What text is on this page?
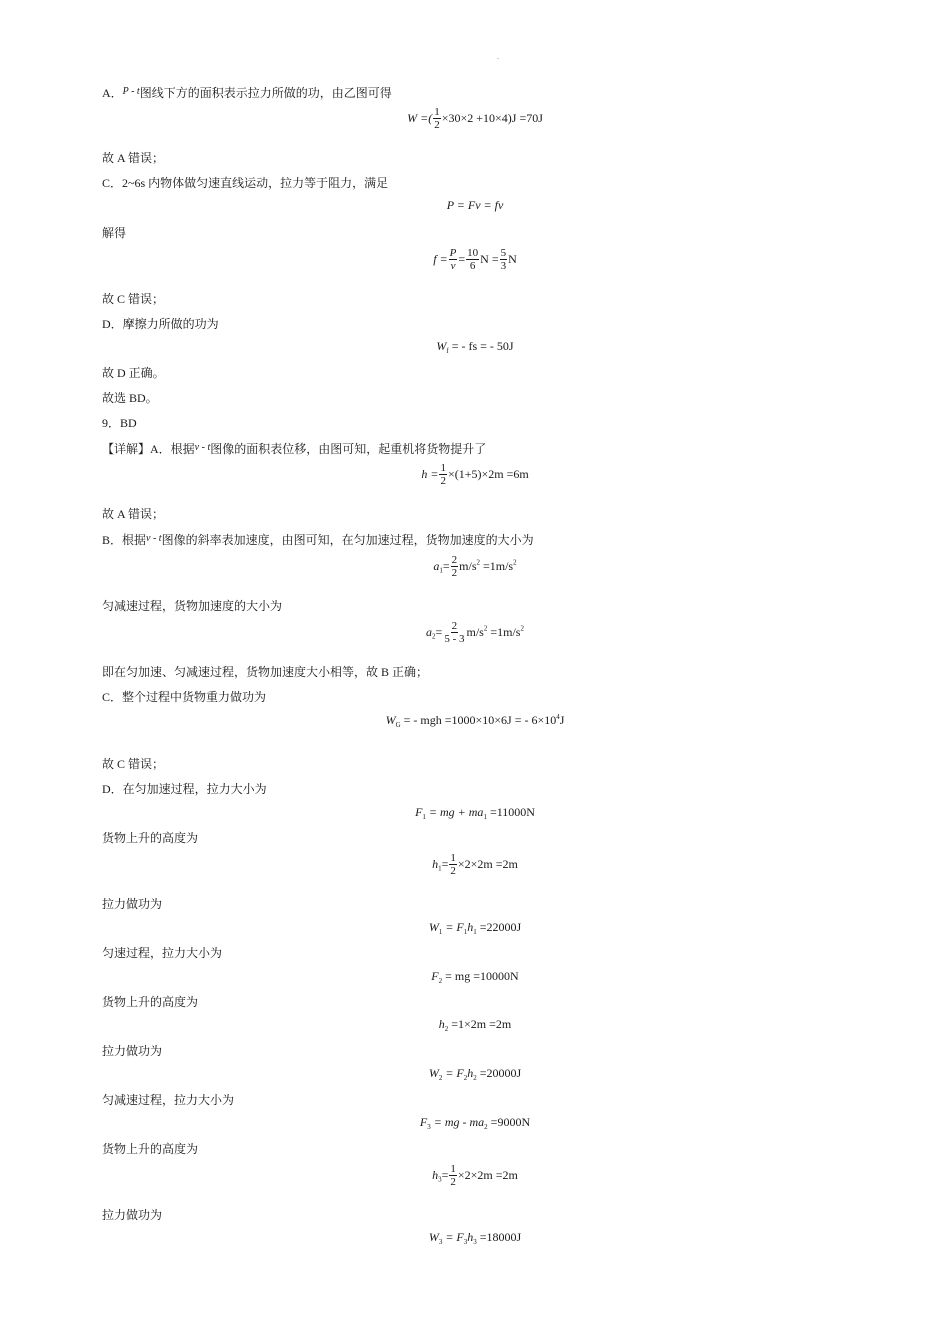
.
A．$^{P - t}$图线下方的面积表示拉力所做的功，由乙图可得
W =( $\frac{1}{2} \times 30\times 2 +10\times 4)J =70J$
故 A 错误；
C．2~6s 内物体做匀速直线运动，拉力等于阻力，满足
P = Fv = fv
解得
$f = \frac{P}{v} = \frac{10}{6}$ $N = \frac{5}{3}$ N
故 C 错误；
D．摩擦力所做的功为
$W_f$ = - fs = - 50J
故 D 正确。
故选 BD。
9．BD
【详解】A．根据$^{v - t}$图像的面积表位移，由图可知，起重机将货物提升了
$h = \frac{1}{2} \times(1+5)\times 2m =6m$
故 A 错误；
B．根据$^{v - t}$图像的斜率表加速度，由图可知，在匀加速过程，货物加速度的大小为
$a_1= \frac{2}{2} m/s^2 =1m/s^2$
匀减速过程，货物加速度的大小为
$a_2= \frac{2}{5 - 3} m/s^2 =1m/s^2$
即在匀加速、匀减速过程，货物加速度大小相等，故 B 正确；
C．整个过程中货物重力做功为
$W_G$ = - mgh =1000×10×6J = - $6\times 10^4J$
故 C 错误；
D．在匀加速过程，拉力大小为
$F_1$ = mg + $ma_1 =11000N$
货物上升的高度为
$h_1= \frac{1}{2} \times 2\times 2m =2m$
拉力做功为
$W_1 = F_1h_1 =22000J$
匀速过程，拉力大小为
$F_2$ = mg =10000N
货物上升的高度为
$h_2 =1\times 2m =2m$
拉力做功为
$W_2 = F_2h_2 =20000J$
匀减速过程，拉力大小为
$F_3$ = mg - $ma_2 =9000N$
货物上升的高度为
$h_3= \frac{1}{2} \times 2\times 2m =2m$
拉力做功为
$W_3 = F_3h_3 =18000J$
